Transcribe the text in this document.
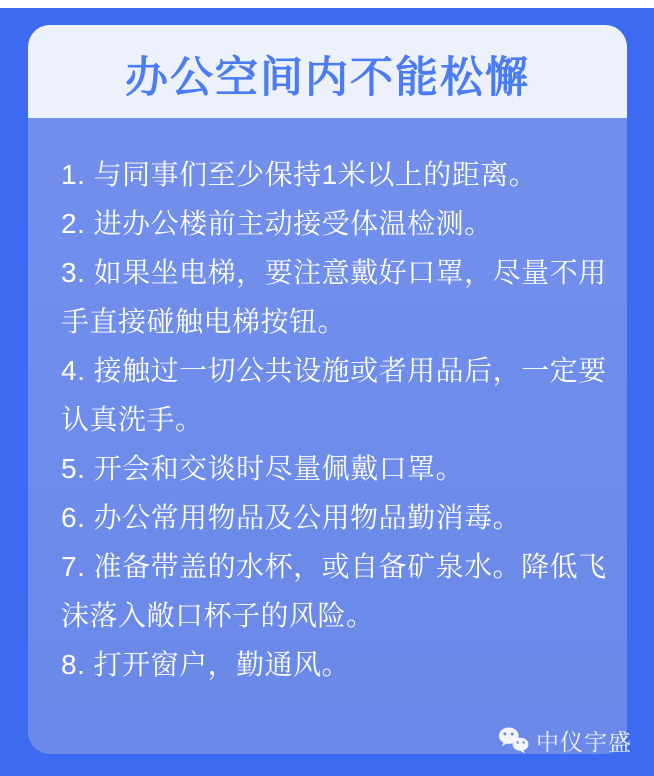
办公空间内不能松懈

1. 与同事们至少保持1米以上的距离。

2. 进办公楼前主动接受体温检测。

3. 如果坐电梯，要注意戴好口罩，尽量不用手直接碰触电梯按钮。

4. 接触过一切公共设施或者用品后，一定要认真洗手。

5. 开会和交谈时尽量佩戴口罩。

6. 办公常用物品及公用物品勤消毒。

7. 准备带盖的水杯，或自备矿泉水。降低飞沫落入敞口杯子的风险。

8. 打开窗户，勤通风。

中仪宇盛
